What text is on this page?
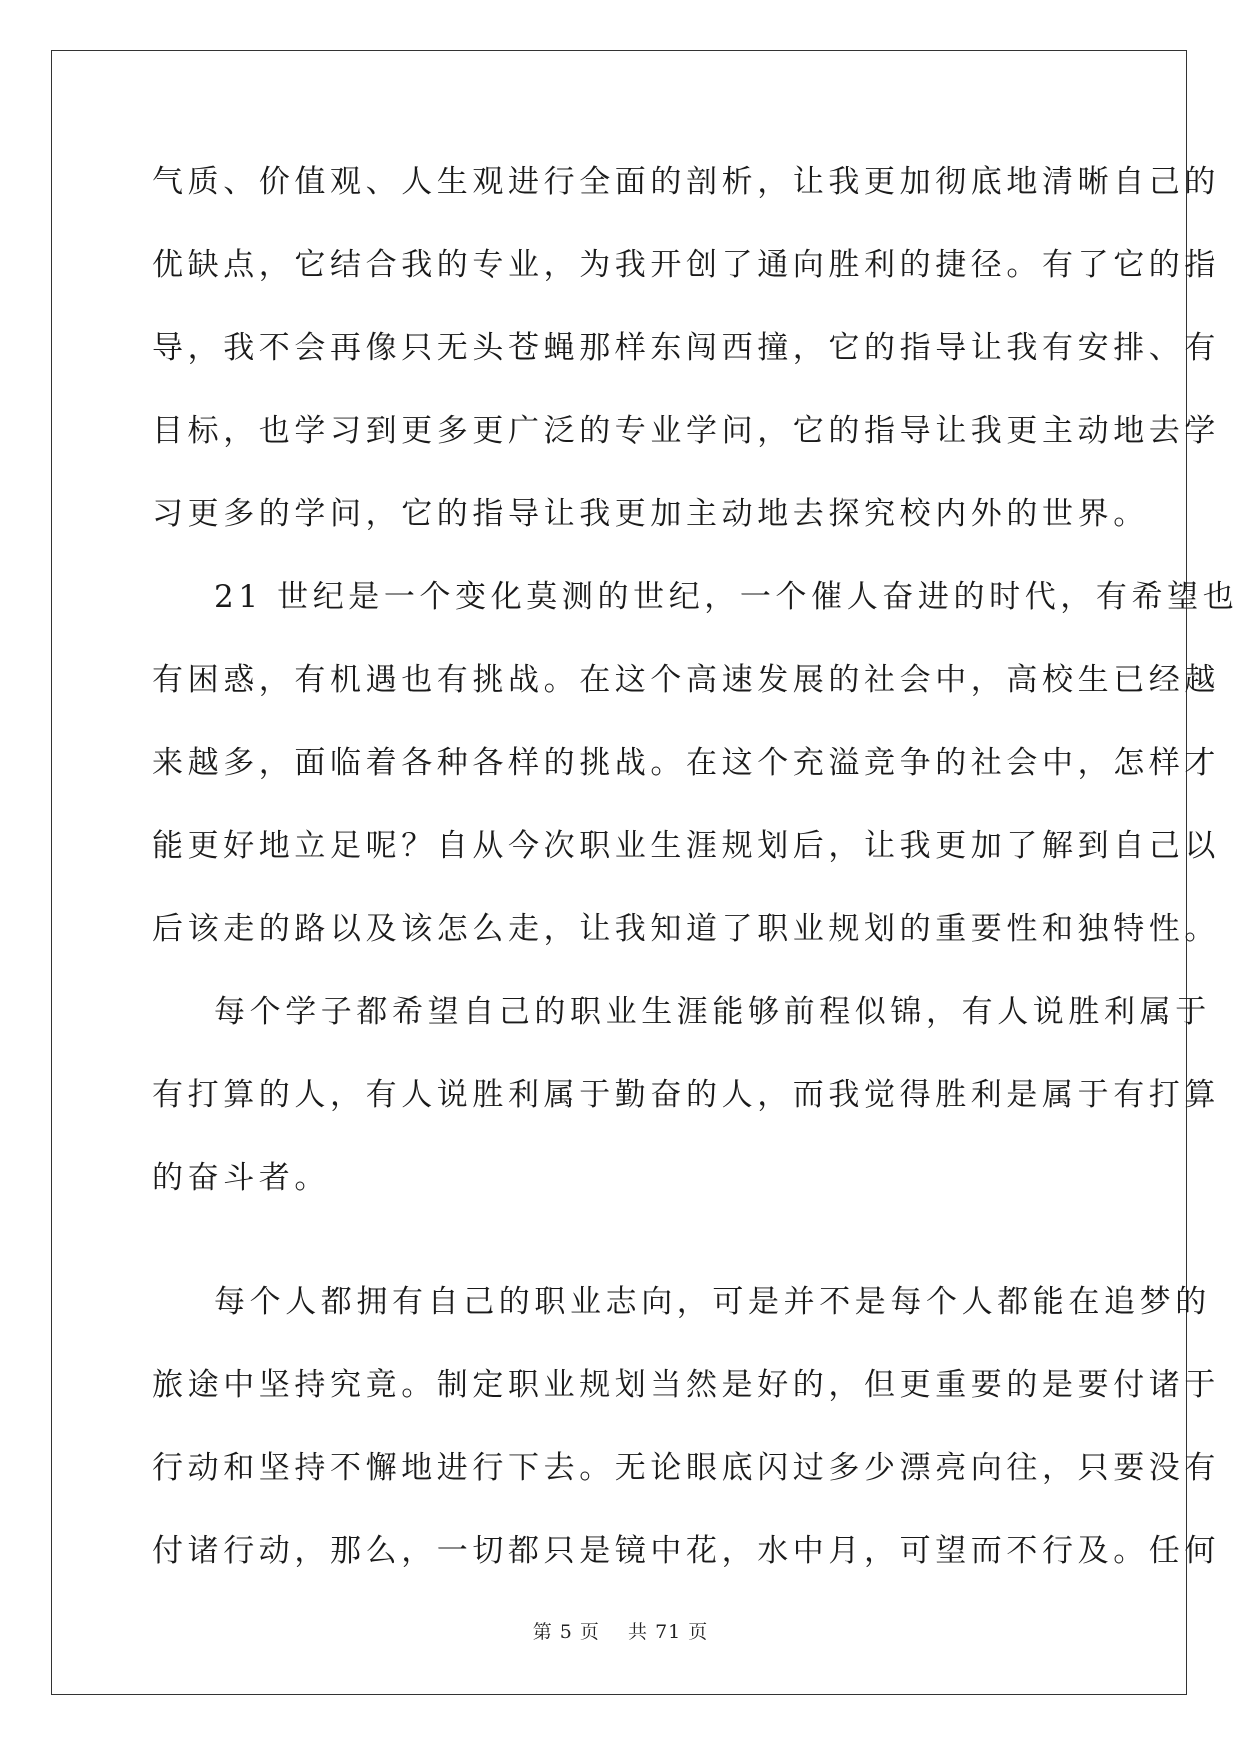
气质、价值观、人生观进行全面的剖析，让我更加彻底地清晰自己的
优缺点，它结合我的专业，为我开创了通向胜利的捷径。有了它的指
导，我不会再像只无头苍蝇那样东闯西撞，它的指导让我有安排、有
目标，也学习到更多更广泛的专业学问，它的指导让我更主动地去学
习更多的学问，它的指导让我更加主动地去探究校内外的世界。
21 世纪是一个变化莫测的世纪，一个催人奋进的时代，有希望也
有困惑，有机遇也有挑战。在这个高速发展的社会中，高校生已经越
来越多，面临着各种各样的挑战。在这个充溢竞争的社会中，怎样才
能更好地立足呢？自从今次职业生涯规划后，让我更加了解到自己以
后该走的路以及该怎么走，让我知道了职业规划的重要性和独特性。
每个学子都希望自己的职业生涯能够前程似锦，有人说胜利属于
有打算的人，有人说胜利属于勤奋的人，而我觉得胜利是属于有打算
的奋斗者。
每个人都拥有自己的职业志向，可是并不是每个人都能在追梦的
旅途中坚持究竟。制定职业规划当然是好的，但更重要的是要付诸于
行动和坚持不懈地进行下去。无论眼底闪过多少漂亮向往，只要没有
付诸行动，那么，一切都只是镜中花，水中月，可望而不行及。任何
第 5 页    共 71 页
